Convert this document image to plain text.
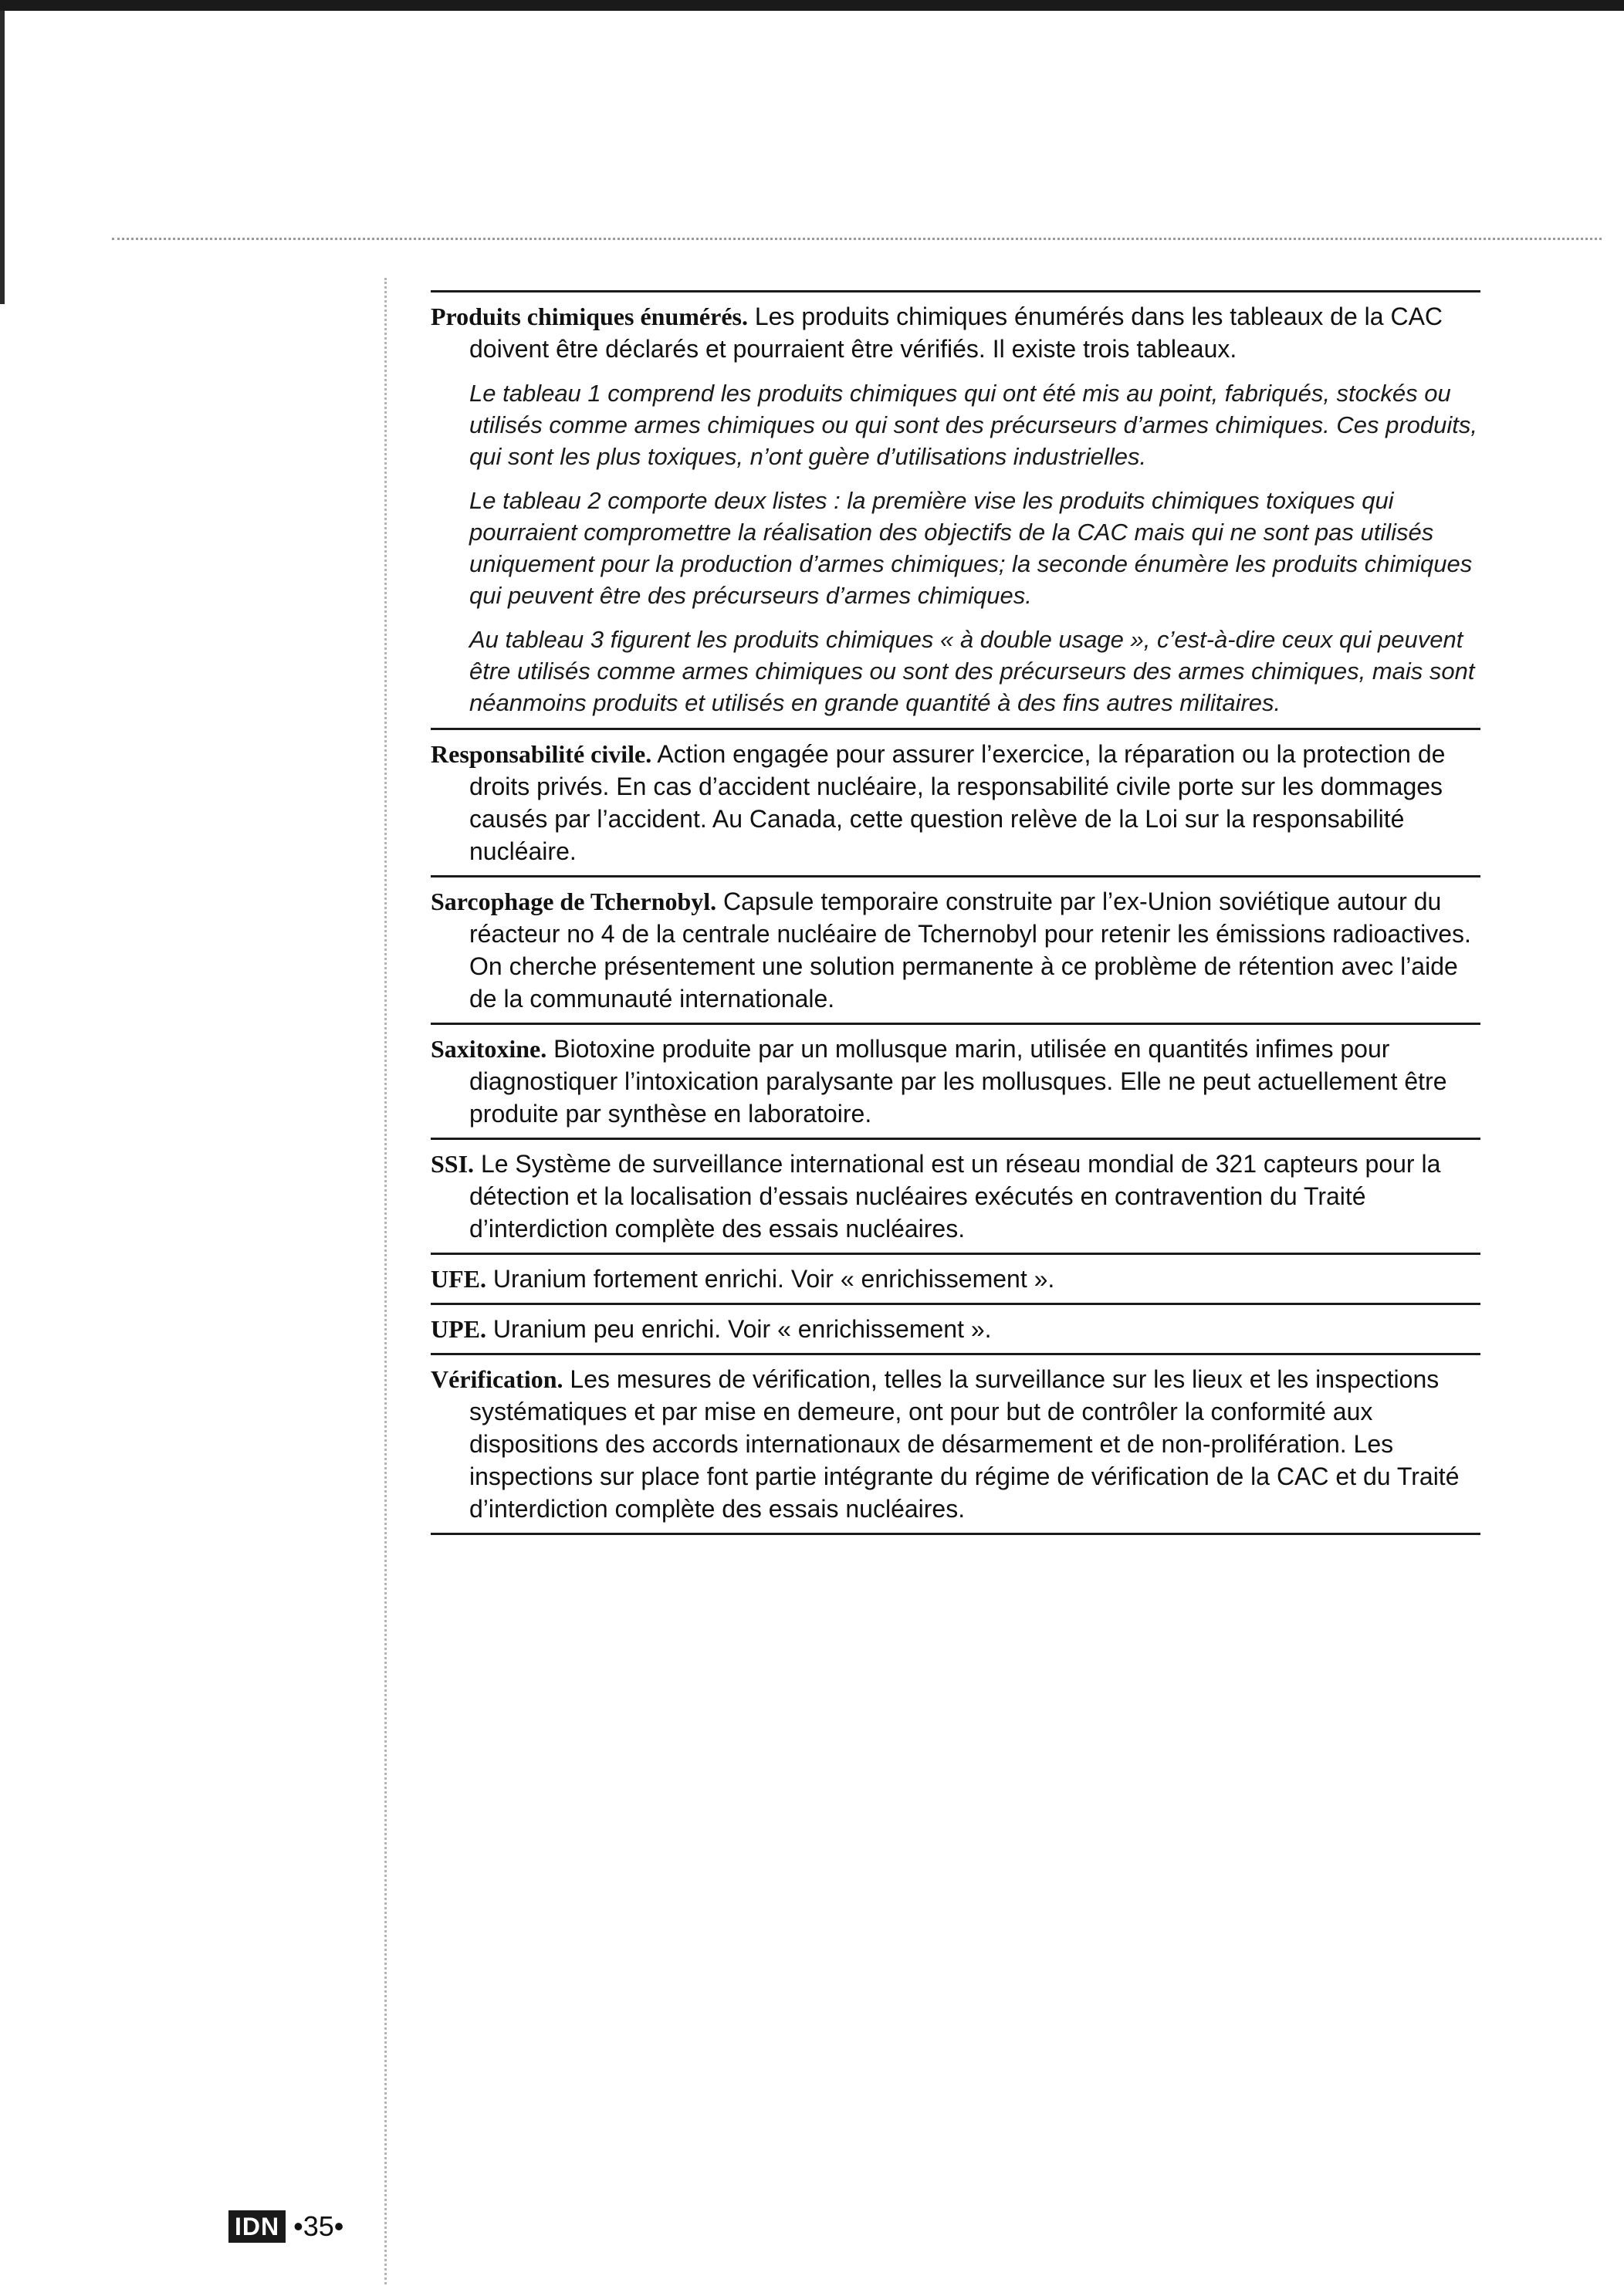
Produits chimiques énumérés. Les produits chimiques énumérés dans les tableaux de la CAC doivent être déclarés et pourraient être vérifiés. Il existe trois tableaux.

Le tableau 1 comprend les produits chimiques qui ont été mis au point, fabriqués, stockés ou utilisés comme armes chimiques ou qui sont des précurseurs d’armes chimiques. Ces produits, qui sont les plus toxiques, n’ont guère d’utilisations industrielles.

Le tableau 2 comporte deux listes : la première vise les produits chimiques toxiques qui pourraient compromettre la réalisation des objectifs de la CAC mais qui ne sont pas utilisés uniquement pour la production d’armes chimiques; la seconde énumère les produits chimiques qui peuvent être des précurseurs d’armes chimiques.

Au tableau 3 figurent les produits chimiques « à double usage », c’est-à-dire ceux qui peuvent être utilisés comme armes chimiques ou sont des précurseurs des armes chimiques, mais sont néanmoins produits et utilisés en grande quantité à des fins autres militaires.

Responsabilité civile. Action engagée pour assurer l’exercice, la réparation ou la protection de droits privés. En cas d’accident nucléaire, la responsabilité civile porte sur les dommages causés par l’accident. Au Canada, cette question relève de la Loi sur la responsabilité nucléaire.

Sarcophage de Tchernobyl. Capsule temporaire construite par l’ex-Union soviétique autour du réacteur no 4 de la centrale nucléaire de Tchernobyl pour retenir les émissions radioactives. On cherche présentement une solution permanente à ce problème de rétention avec l’aide de la communauté internationale.

Saxitoxine. Biotoxine produite par un mollusque marin, utilisée en quantités infimes pour diagnostiquer l’intoxication paralysante par les mollusques. Elle ne peut actuellement être produite par synthèse en laboratoire.

SSI. Le Système de surveillance international est un réseau mondial de 321 capteurs pour la détection et la localisation d’essais nucléaires exécutés en contravention du Traité d’interdiction complète des essais nucléaires.

UFE. Uranium fortement enrichi. Voir « enrichissement ».

UPE. Uranium peu enrichi. Voir « enrichissement ».

Vérification. Les mesures de vérification, telles la surveillance sur les lieux et les inspections systématiques et par mise en demeure, ont pour but de contrôler la conformité aux dispositions des accords internationaux de désarmement et de non-prolifération. Les inspections sur place font partie intégrante du régime de vérification de la CAC et du Traité d’interdiction complète des essais nucléaires.

IDN •35•
